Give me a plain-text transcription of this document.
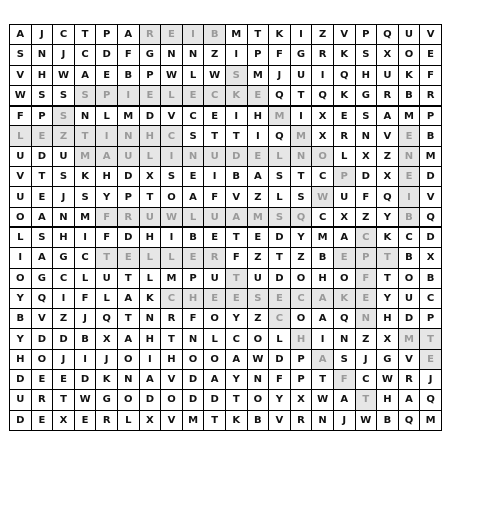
A	J	C	T	P	A	R	E	I	B	M	T	K	I	Z	V	P	Q	U	V
S	N	J	C	D	F	G	N	N	Z	I	P	F	G	R	K	S	X	O	E
V	H	W	A	E	B	P	W	L	W	S	M	J	U	I	Q	H	U	K	F
W	S	S	S	P	I	E	L	E	C	K	E	Q	T	Q	K	G	R	B	R
F	P	S	N	L	M	D	V	C	E	I	H	M	I	X	E	S	A	M	P
L	E	Z	T	I	N	H	C	S	T	T	I	Q	M	X	R	N	V	E	B
U	D	U	M	A	U	L	I	N	U	D	E	L	N	O	L	X	Z	N	M
V	T	S	K	H	D	X	S	E	I	B	A	S	T	C	P	D	X	E	D
U	E	J	S	Y	P	T	O	A	F	V	Z	L	S	W	U	F	Q	I	V
O	A	N	M	F	R	U	W	L	U	A	M	S	Q	C	X	Z	Y	B	Q
L	S	H	I	F	D	H	I	B	E	T	E	D	Y	M	A	C	K	C	D
I	A	G	C	T	E	L	L	E	R	F	Z	T	Z	B	E	P	T	B	X
O	G	C	L	U	T	L	M	P	U	T	U	D	O	H	O	F	T	O	B
Y	Q	I	F	L	A	K	C	H	E	E	S	E	C	A	K	E	Y	U	C
B	V	Z	J	Q	T	N	R	F	O	Y	Z	C	O	A	Q	N	H	D	P
Y	D	D	B	X	A	H	T	N	L	C	O	L	H	I	N	Z	X	M	T
H	O	J	I	J	O	I	H	O	O	A	W	D	P	A	S	J	G	V	E
D	E	E	D	K	N	A	V	D	A	Y	N	F	P	T	F	C	W	R	J
U	R	T	W	G	O	D	O	D	D	T	O	Y	X	W	A	T	H	A	Q
D	E	X	E	R	L	X	V	M	T	K	B	V	R	N	J	W	B	Q	M
